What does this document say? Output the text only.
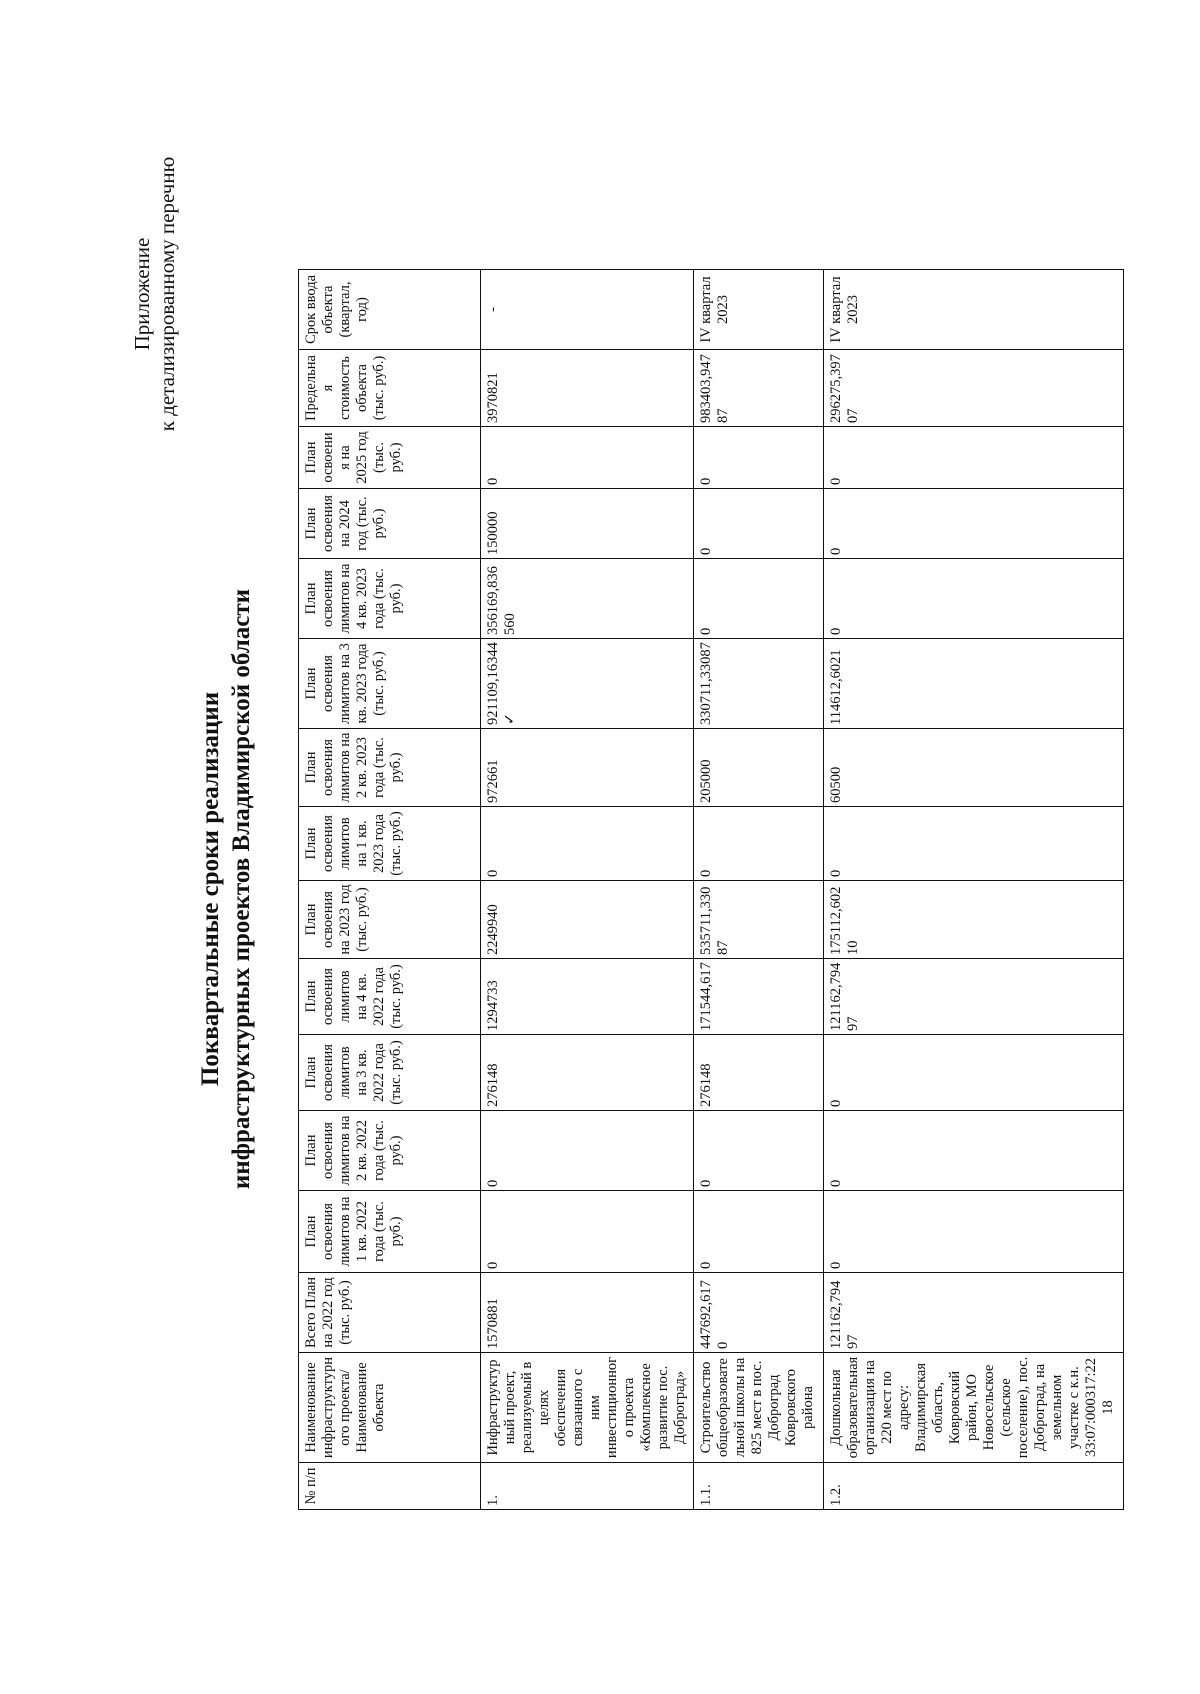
Приложение к детализированному перечню
Поквартальные сроки реализации инфраструктурных проектов Владимирской области
№ п/п	Наименование инфраструктурного проекта/ Наименование объекта	Всего План на 2022 год (тыс. руб.)	План освоения лимитов на 1 кв. 2022 года (тыс. руб.)	План освоения лимитов на 2 кв. 2022 года (тыс. руб.)	План освоения лимитов на 3 кв. 2022 года (тыс. руб.)	План освоения лимитов на 4 кв. 2022 года (тыс. руб.)	План освоения на 2023 год (тыс. руб.)	План освоения лимитов на 1 кв. 2023 года (тыс. руб.)	План освоения лимитов на 2 кв. 2023 года (тыс. руб.)	План освоения лимитов на 3 кв. 2023 года (тыс. руб.)	План освоения лимитов на 4 кв. 2023 года (тыс. руб.)	План освоения на 2024 год (тыс. руб.)	План освоения на 2025 год (тыс. руб.)	Предельная стоимость объекта (тыс. руб.)	Срок ввода объекта (квартал, год)
1.	Инфраструктурный проект, реализуемый в целях обеспечения связанного с ним инвестиционного проекта «Комплексное развитие пос. Доброград»	1570881	0	0	276148	1294733	2249940	0	972661	921109,16344 ✓	356169,836560	150000	0	3970821	-
1.1.	Строительство общеобразовательной школы на 825 мест в пос. Доброград Ковровского района	447692,6170	0	0	276148	171544,617	535711,33087	0	205000	330711,33087	0	0	0	983403,94787	IV квартал 2023
1.2.	Дошкольная образовательная организация на 220 мест по адресу: Владимирская область, Ковровский район, МО Новосельское (сельское поселение), пос. Доброград, на земельном участке с к.н. 33:07:000317:2218	121162,79497	0	0	0	121162,79497	175112,60210	0	60500	114612,6021	0	0	0	296275,39707	IV квартал 2023
